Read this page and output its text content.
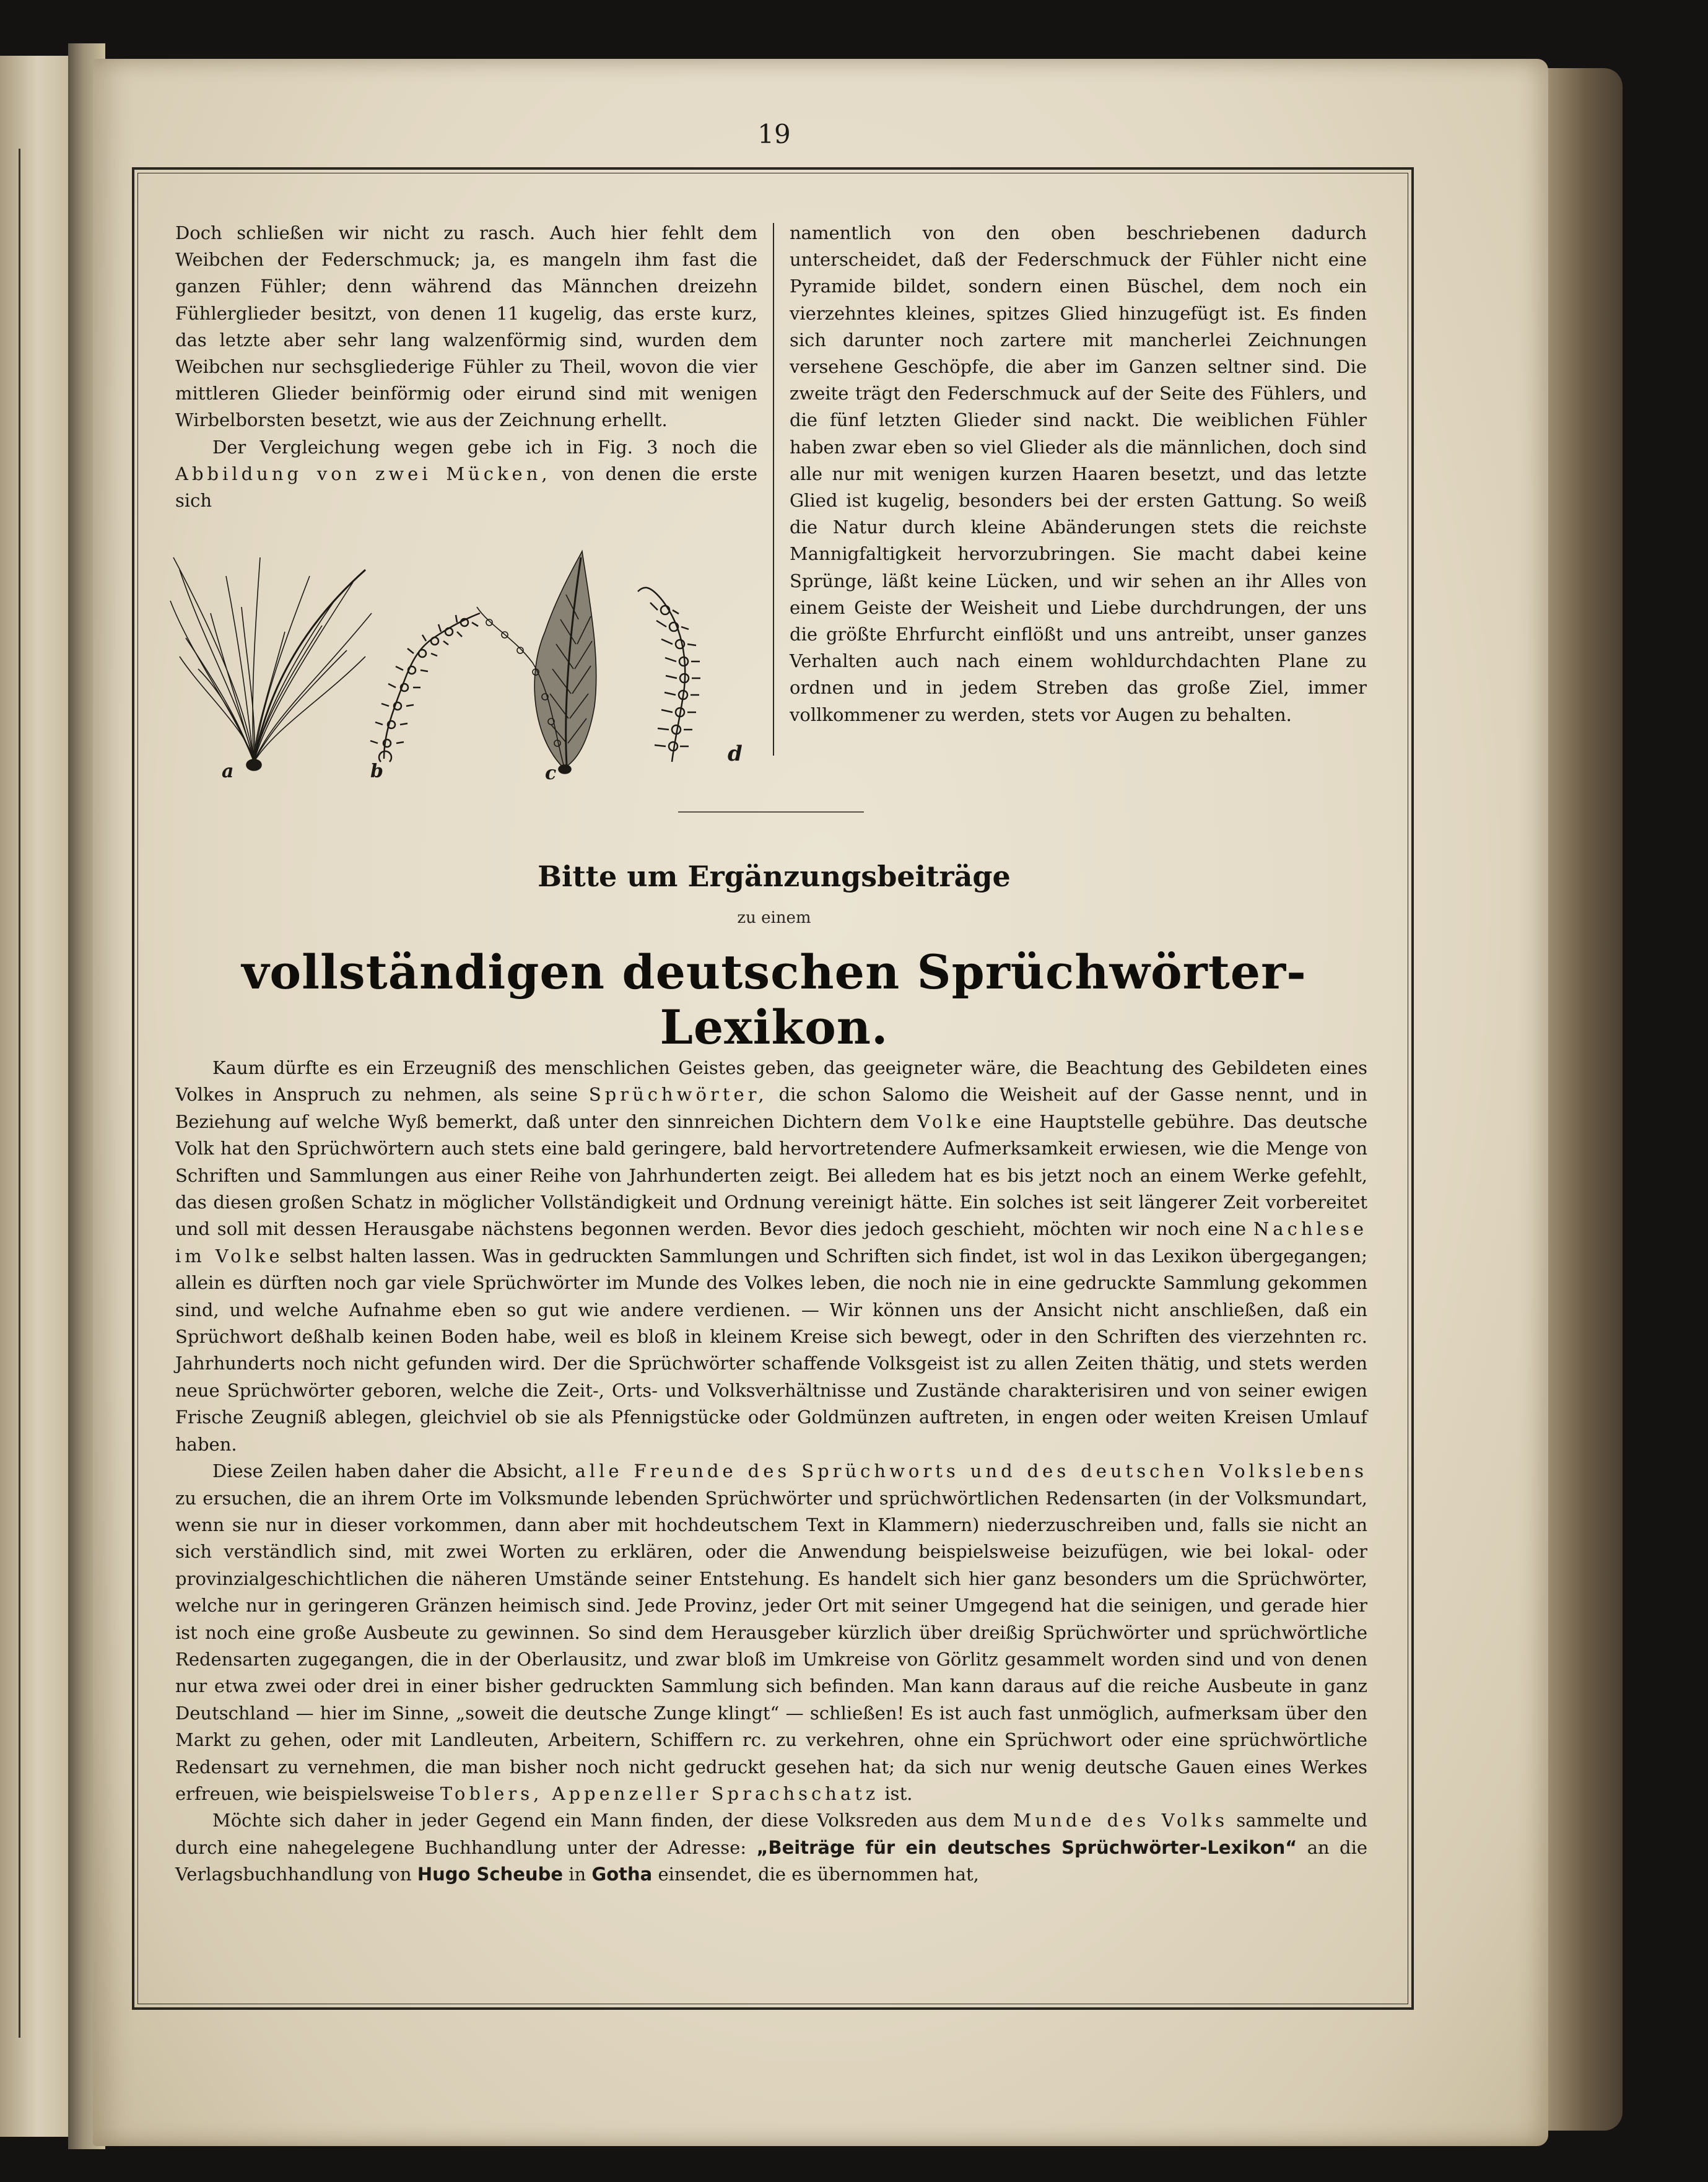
19

Doch schließen wir nicht zu rasch. Auch hier fehlt dem Weibchen der Federschmuck; ja, es mangeln ihm fast die ganzen Fühler; denn während das Männchen dreizehn Fühlerglieder besitzt, von denen 11 kugelig, das erste kurz, das letzte aber sehr lang walzenförmig sind, wurden dem Weibchen nur sechsgliederige Fühler zu Theil, wovon die vier mittleren Glieder beinförmig oder eirund sind mit wenigen Wirbelborsten besetzt, wie aus der Zeichnung erhellt.

Der Vergleichung wegen gebe ich in Fig. 3 noch die Abbildung von zwei Mücken, von denen die erste sich

namentlich von den oben beschriebenen dadurch unterscheidet, daß der Federschmuck der Fühler nicht eine Pyramide bildet, sondern einen Büschel, dem noch ein vierzehntes kleines, spitzes Glied hinzugefügt ist. Es finden sich darunter noch zartere mit mancherlei Zeichnungen versehene Geschöpfe, die aber im Ganzen seltner sind. Die zweite trägt den Federschmuck auf der Seite des Fühlers, und die fünf letzten Glieder sind nackt. Die weiblichen Fühler haben zwar eben so viel Glieder als die männlichen, doch sind alle nur mit wenigen kurzen Haaren besetzt, und das letzte Glied ist kugelig, besonders bei der ersten Gattung. So weiß die Natur durch kleine Abänderungen stets die reichste Mannigfaltigkeit hervorzubringen. Sie macht dabei keine Sprünge, läßt keine Lücken, und wir sehen an ihr Alles von einem Geiste der Weisheit und Liebe durchdrungen, der uns die größte Ehrfurcht einflößt und uns antreibt, unser ganzes Verhalten auch nach einem wohldurchdachten Plane zu ordnen und in jedem Streben das große Ziel, immer vollkommener zu werden, stets vor Augen zu behalten.

a	b	c
d
Bitte um Ergänzungsbeiträge
zu einem
vollständigen deutschen Sprüchwörter-Lexikon.

Kaum dürfte es ein Erzeugniß des menschlichen Geistes geben, das geeigneter wäre, die Beachtung des Gebildeten eines Volkes in Anspruch zu nehmen, als seine Sprüchwörter, die schon Salomo die Weisheit auf der Gasse nennt, und in Beziehung auf welche Wyß bemerkt, daß unter den sinnreichen Dichtern dem Volke eine Hauptstelle gebühre. Das deutsche Volk hat den Sprüchwörtern auch stets eine bald geringere, bald hervortretendere Aufmerksamkeit erwiesen, wie die Menge von Schriften und Sammlungen aus einer Reihe von Jahrhunderten zeigt. Bei alledem hat es bis jetzt noch an einem Werke gefehlt, das diesen großen Schatz in möglicher Vollständigkeit und Ordnung vereinigt hätte. Ein solches ist seit längerer Zeit vorbereitet und soll mit dessen Herausgabe nächstens begonnen werden. Bevor dies jedoch geschieht, möchten wir noch eine Nachlese im Volke selbst halten lassen. Was in gedruckten Sammlungen und Schriften sich findet, ist wol in das Lexikon übergegangen; allein es dürften noch gar viele Sprüchwörter im Munde des Volkes leben, die noch nie in eine gedruckte Sammlung gekommen sind, und welche Aufnahme eben so gut wie andere verdienen. — Wir können uns der Ansicht nicht anschließen, daß ein Sprüchwort deßhalb keinen Boden habe, weil es bloß in kleinem Kreise sich bewegt, oder in den Schriften des vierzehnten rc. Jahrhunderts noch nicht gefunden wird. Der die Sprüchwörter schaffende Volksgeist ist zu allen Zeiten thätig, und stets werden neue Sprüchwörter geboren, welche die Zeit-, Orts- und Volksverhältnisse und Zustände charakterisiren und von seiner ewigen Frische Zeugniß ablegen, gleichviel ob sie als Pfennigstücke oder Goldmünzen auftreten, in engen oder weiten Kreisen Umlauf haben.

Diese Zeilen haben daher die Absicht, alle Freunde des Sprüchworts und des deutschen Volkslebens zu ersuchen, die an ihrem Orte im Volksmunde lebenden Sprüchwörter und sprüchwörtlichen Redensarten (in der Volksmundart, wenn sie nur in dieser vorkommen, dann aber mit hochdeutschem Text in Klammern) niederzuschreiben und, falls sie nicht an sich verständlich sind, mit zwei Worten zu erklären, oder die Anwendung beispielsweise beizufügen, wie bei lokal- oder provinzialgeschichtlichen die näheren Umstände seiner Entstehung. Es handelt sich hier ganz besonders um die Sprüchwörter, welche nur in geringeren Gränzen heimisch sind. Jede Provinz, jeder Ort mit seiner Umgegend hat die seinigen, und gerade hier ist noch eine große Ausbeute zu gewinnen. So sind dem Herausgeber kürzlich über dreißig Sprüchwörter und sprüchwörtliche Redensarten zugegangen, die in der Oberlausitz, und zwar bloß im Umkreise von Görlitz gesammelt worden sind und von denen nur etwa zwei oder drei in einer bisher gedruckten Sammlung sich befinden. Man kann daraus auf die reiche Ausbeute in ganz Deutschland — hier im Sinne, „soweit die deutsche Zunge klingt“ — schließen! Es ist auch fast unmöglich, aufmerksam über den Markt zu gehen, oder mit Landleuten, Arbeitern, Schiffern rc. zu verkehren, ohne ein Sprüchwort oder eine sprüchwörtliche Redensart zu vernehmen, die man bisher noch nicht gedruckt gesehen hat; da sich nur wenig deutsche Gauen eines Werkes erfreuen, wie beispielsweise Toblers, Appenzeller Sprachschatz ist.

Möchte sich daher in jeder Gegend ein Mann finden, der diese Volksreden aus dem Munde des Volks sammelte und durch eine nahegelegene Buchhandlung unter der Adresse: „Beiträge für ein deutsches Sprüchwörter-Lexikon“ an die Verlagsbuchhandlung von Hugo Scheube in Gotha einsendet, die es übernommen hat,
